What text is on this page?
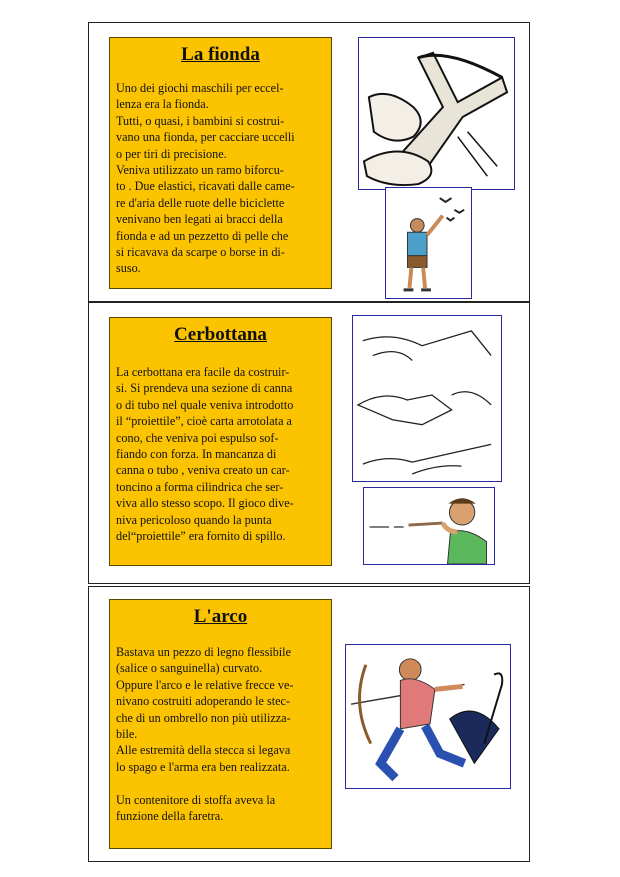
La fionda
Uno dei giochi maschili per eccel-
lenza era la fionda.
Tutti, o quasi, i bambini si costrui-
vano una fionda, per cacciare uccelli
o per tiri di precisione.
Veniva utilizzato un ramo biforcu-
to . Due elastici, ricavati dalle came-
re d'aria delle ruote delle biciclette
venivano ben legati ai bracci della
fionda e ad un pezzetto di pelle che
si ricavava da scarpe o borse in di-
suso.
Cerbottana
La cerbottana era facile da costruir-
si. Si prendeva una sezione di canna
o di tubo nel quale veniva introdotto
il “proiettile”, cioè carta arrotolata a
cono, che veniva poi espulso sof-
fiando con forza. In mancanza di
canna o tubo , veniva creato un car-
toncino a forma cilindrica che ser-
viva allo stesso scopo. Il gioco dive-
niva pericoloso quando la punta
del“proiettile” era fornito di spillo.
L'arco
Bastava un pezzo di legno flessibile
(salice o sanguinella) curvato.
Oppure l'arco e le relative frecce ve-
nivano costruiti adoperando le stec-
che di un ombrello non più utilizza-
bile.
Alle estremità della stecca si legava
lo spago e l'arma era ben realizzata.

Un contenitore di stoffa aveva la
funzione della faretra.
